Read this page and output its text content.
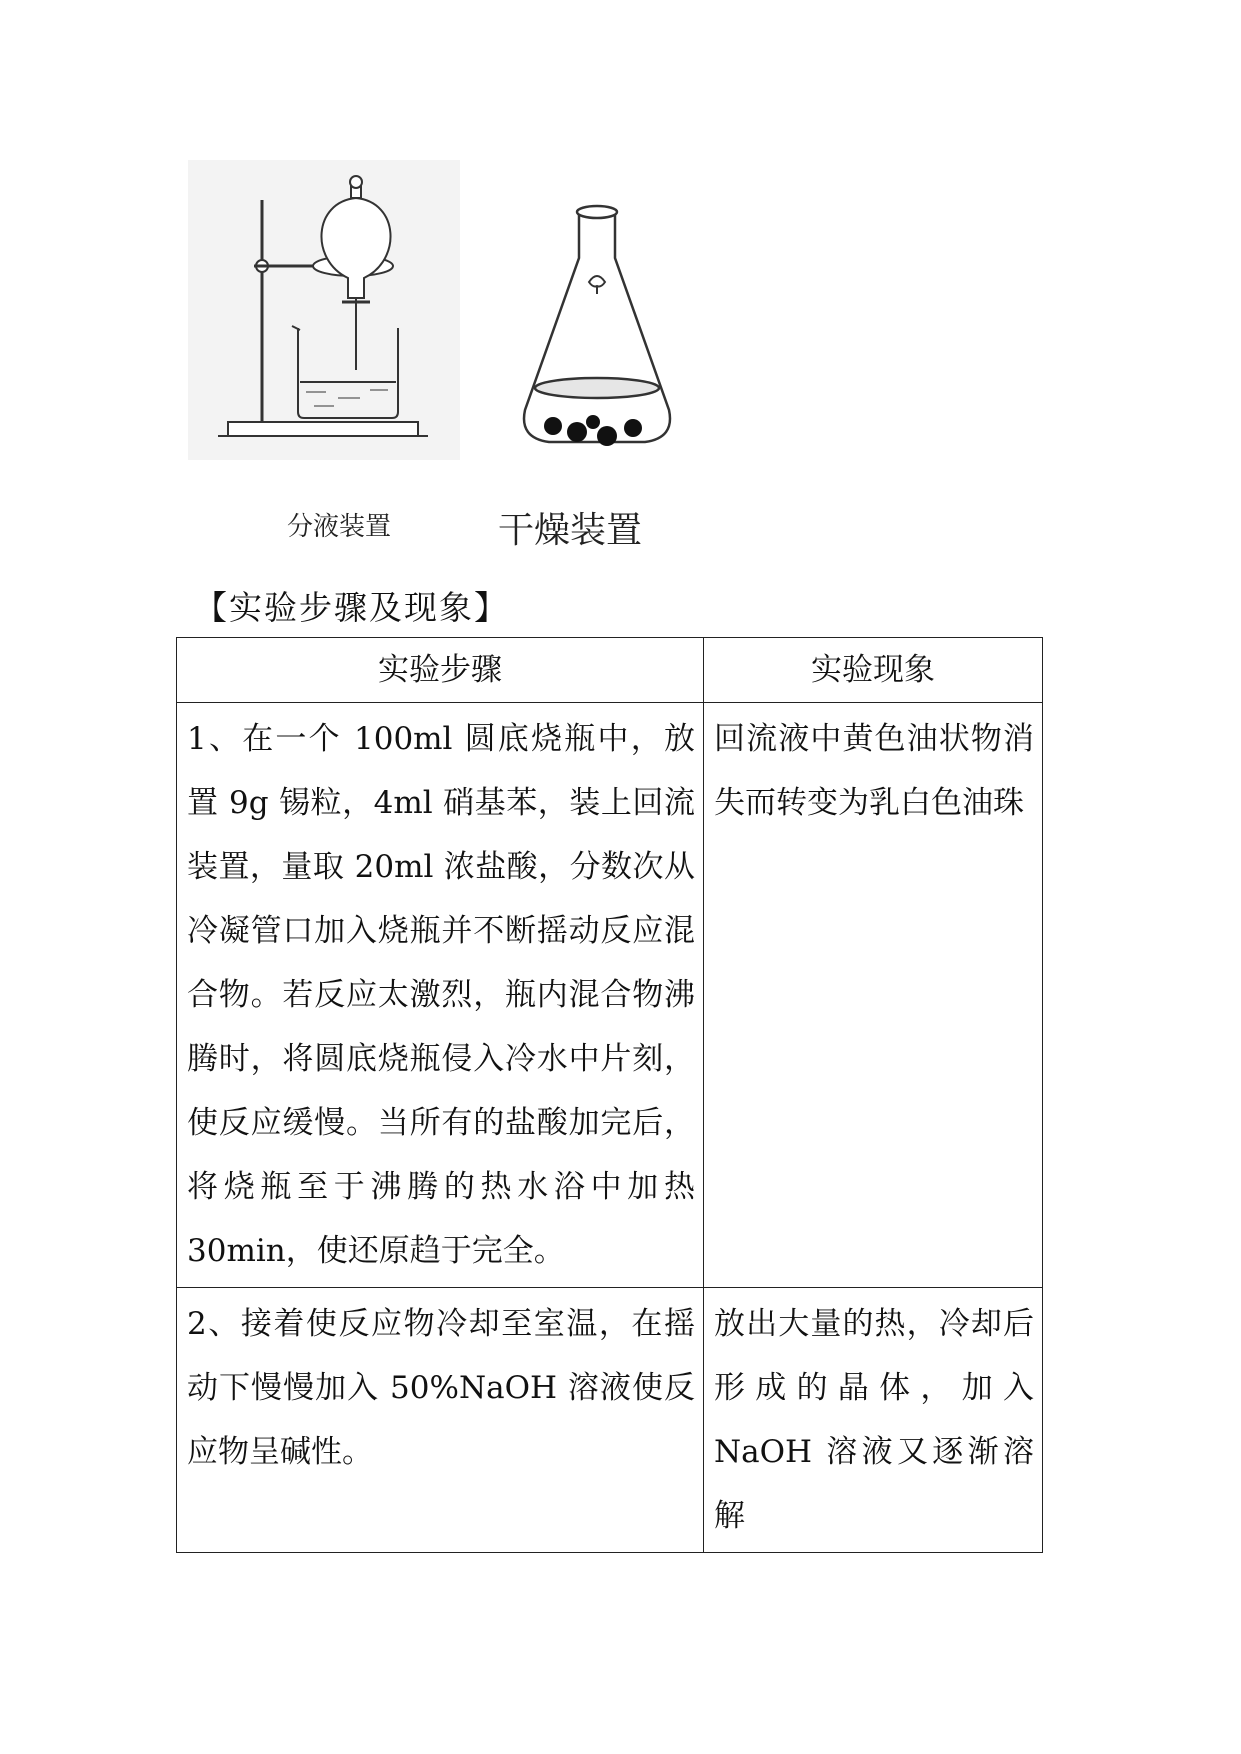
分液装置	干燥装置
【实验步骤及现象】
实验步骤	实验现象
1、在一个 100ml 圆底烧瓶中，放置 9g 锡粒，4ml 硝基苯，装上回流装置，量取 20ml 浓盐酸，分数次从冷凝管口加入烧瓶并不断摇动反应混合物。若反应太激烈，瓶内混合物沸腾时，将圆底烧瓶侵入冷水中片刻，使反应缓慢。当所有的盐酸加完后，将烧瓶至于沸腾的热水浴中加热 30min，使还原趋于完全。	回流液中黄色油状物消失而转变为乳白色油珠
2、接着使反应物冷却至室温，在摇动下慢慢加入 50%NaOH 溶液使反应物呈碱性。	放出大量的热，冷却后形成的晶体，加入 NaOH 溶液又逐渐溶解
